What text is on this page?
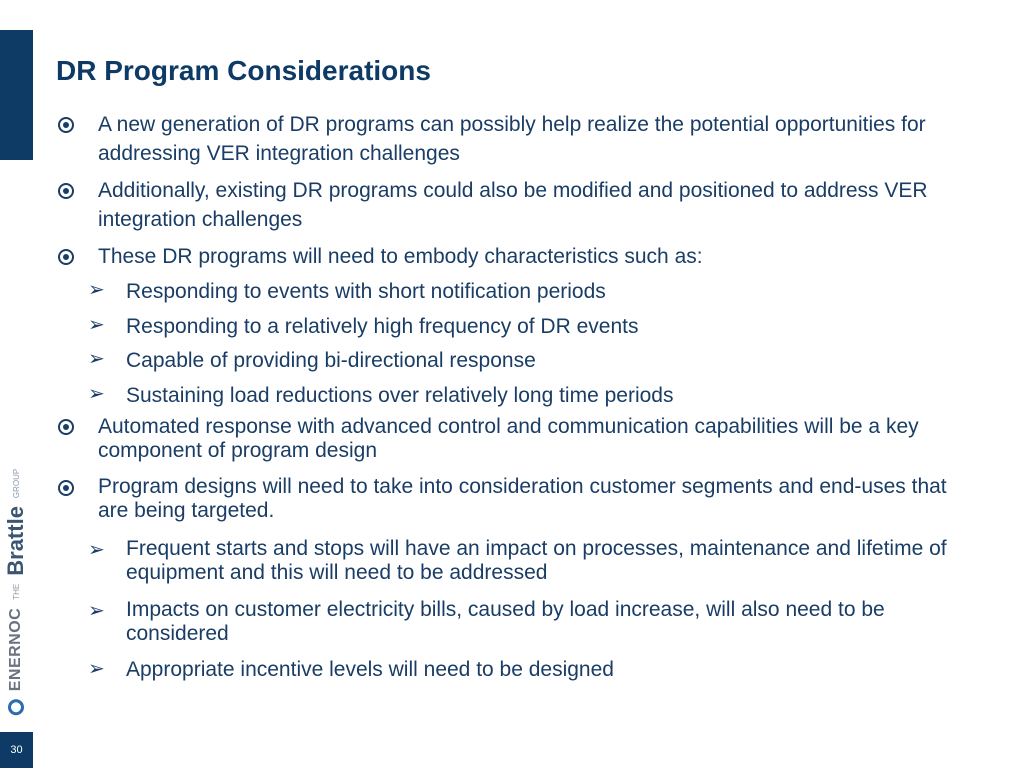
DR Program Considerations
A new generation of DR programs can possibly help realize the potential opportunities for addressing VER integration challenges
Additionally, existing DR programs could also be modified and positioned to address VER integration challenges
These DR programs will need to embody characteristics such as:
➢ Responding to events with short notification periods
➢ Responding to a relatively high frequency of DR events
➢ Capable of providing bi-directional response
➢ Sustaining load reductions over relatively long time periods
Automated response with advanced control and communication capabilities will be a key component of program design
Program designs will need to take into consideration customer segments and end-uses that are being targeted.
➢ Frequent starts and stops will have an impact on processes, maintenance and lifetime of equipment and this will need to be addressed
➢ Impacts on customer electricity bills, caused by load increase, will also need to be considered
➢ Appropriate incentive levels will need to be designed
ENERNOC
THE
Brattle
GROUP
30
